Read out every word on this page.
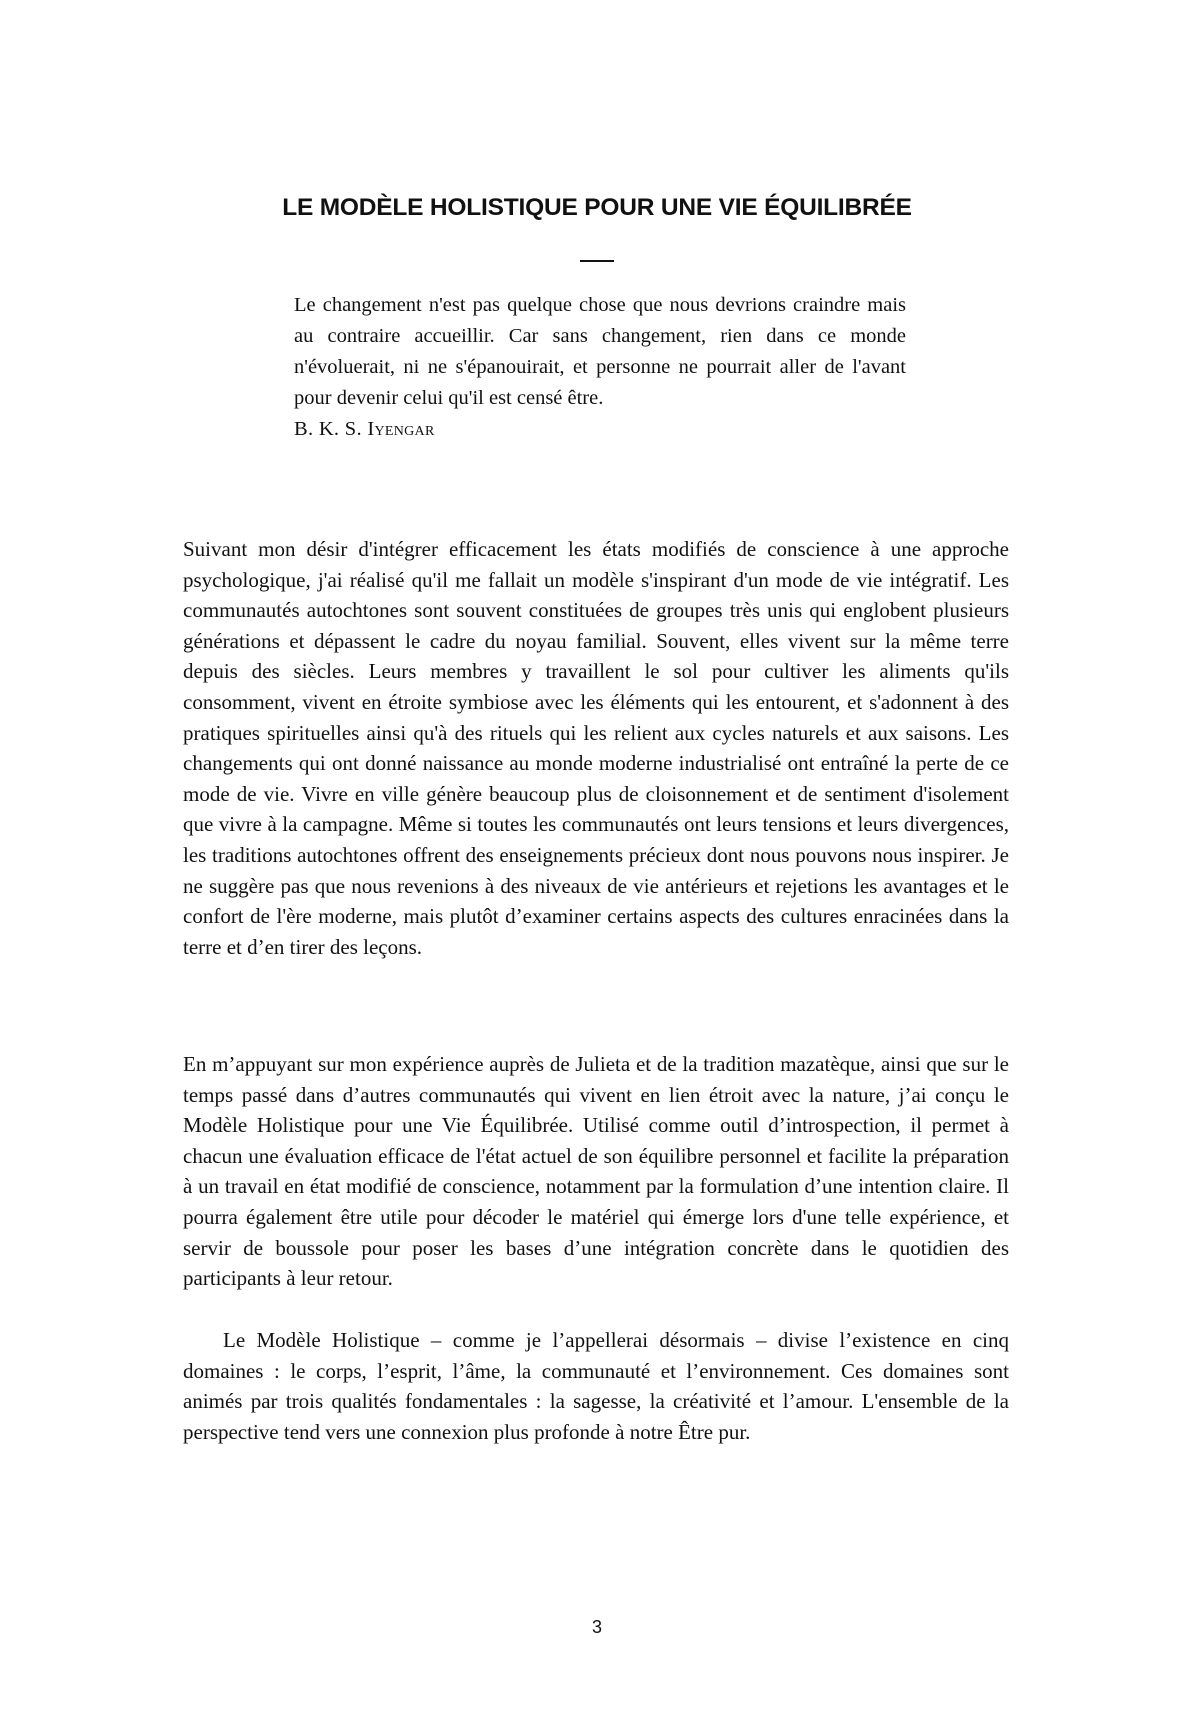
LE MODÈLE HOLISTIQUE POUR UNE VIE ÉQUILIBRÉE
Le changement n'est pas quelque chose que nous devrions craindre mais au contraire accueillir. Car sans changement, rien dans ce monde n'évoluerait, ni ne s'épanouirait, et personne ne pourrait aller de l'avant pour devenir celui qu'il est censé être.
B. K. S. Iyengar

Suivant mon désir d'intégrer efficacement les états modifiés de conscience à une approche psychologique, j'ai réalisé qu'il me fallait un modèle s'inspirant d'un mode de vie intégratif. Les communautés autochtones sont souvent constituées de groupes très unis qui englobent plusieurs générations et dépassent le cadre du noyau familial. Souvent, elles vivent sur la même terre depuis des siècles. Leurs membres y travaillent le sol pour cultiver les aliments qu'ils consomment, vivent en étroite symbiose avec les éléments qui les entourent, et s'adonnent à des pratiques spirituelles ainsi qu'à des rituels qui les relient aux cycles naturels et aux saisons. Les changements qui ont donné naissance au monde moderne industrialisé ont entraîné la perte de ce mode de vie. Vivre en ville génère beaucoup plus de cloisonnement et de sentiment d'isolement que vivre à la campagne. Même si toutes les communautés ont leurs tensions et leurs divergences, les traditions autochtones offrent des enseignements précieux dont nous pouvons nous inspirer. Je ne suggère pas que nous revenions à des niveaux de vie antérieurs et rejetions les avantages et le confort de l'ère moderne, mais plutôt d’examiner certains aspects des cultures enracinées dans la terre et d’en tirer des leçons.

En m’appuyant sur mon expérience auprès de Julieta et de la tradition mazatèque, ainsi que sur le temps passé dans d’autres communautés qui vivent en lien étroit avec la nature, j’ai conçu le Modèle Holistique pour une Vie Équilibrée. Utilisé comme outil d’introspection, il permet à chacun une évaluation efficace de l'état actuel de son équilibre personnel et facilite la préparation à un travail en état modifié de conscience, notamment par la formulation d’une intention claire. Il pourra également être utile pour décoder le matériel qui émerge lors d'une telle expérience, et servir de boussole pour poser les bases d’une intégration concrète dans le quotidien des participants à leur retour.

Le Modèle Holistique – comme je l’appellerai désormais – divise l’existence en cinq domaines : le corps, l’esprit, l’âme, la communauté et l’environnement. Ces domaines sont animés par trois qualités fondamentales : la sagesse, la créativité et l’amour. L'ensemble de la perspective tend vers une connexion plus profonde à notre Être pur.

3
